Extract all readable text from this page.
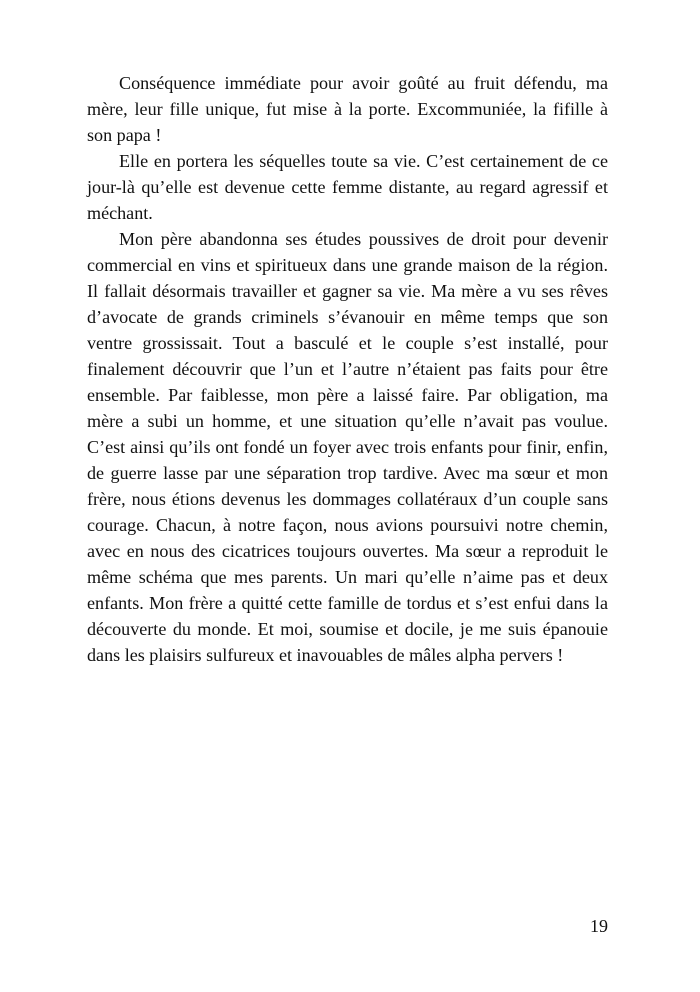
Conséquence immédiate pour avoir goûté au fruit défendu, ma mère, leur fille unique, fut mise à la porte. Excommuniée, la fifille à son papa !

Elle en portera les séquelles toute sa vie. C’est certainement de ce jour-là qu’elle est devenue cette femme distante, au regard agressif et méchant.

Mon père abandonna ses études poussives de droit pour devenir commercial en vins et spiritueux dans une grande maison de la région. Il fallait désormais travailler et gagner sa vie. Ma mère a vu ses rêves d’avocate de grands criminels s’évanouir en même temps que son ventre grossissait. Tout a basculé et le couple s’est installé, pour finalement découvrir que l’un et l’autre n’étaient pas faits pour être ensemble. Par faiblesse, mon père a laissé faire. Par obligation, ma mère a subi un homme, et une situation qu’elle n’avait pas voulue. C’est ainsi qu’ils ont fondé un foyer avec trois enfants pour finir, enfin, de guerre lasse par une séparation trop tardive. Avec ma sœur et mon frère, nous étions devenus les dommages collatéraux d’un couple sans courage. Chacun, à notre façon, nous avions poursuivi notre chemin, avec en nous des cicatrices toujours ouvertes. Ma sœur a reproduit le même schéma que mes parents. Un mari qu’elle n’aime pas et deux enfants. Mon frère a quitté cette famille de tordus et s’est enfui dans la découverte du monde. Et moi, soumise et docile, je me suis épanouie dans les plaisirs sulfureux et inavouables de mâles alpha pervers !

19
